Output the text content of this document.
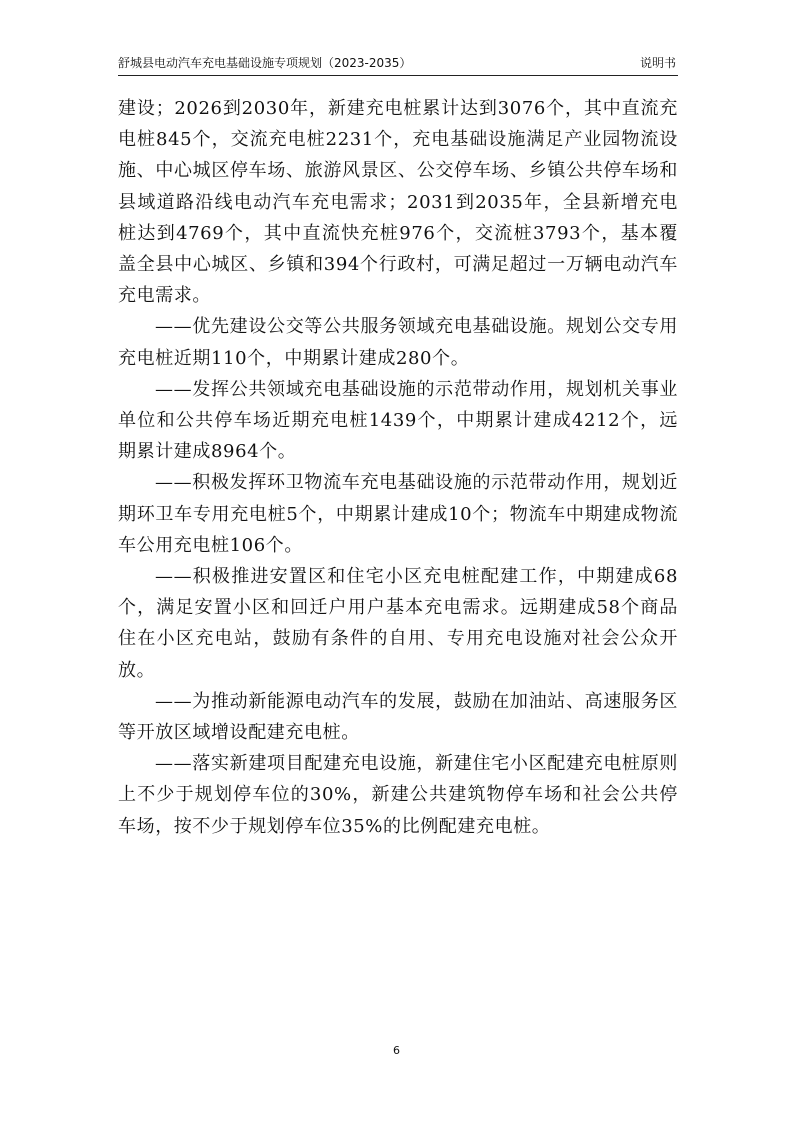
舒城县电动汽车充电基础设施专项规划（2023-2035）	说明书

建设；2026到2030年，新建充电桩累计达到3076个，其中直流充电桩845个，交流充电桩2231个，充电基础设施满足产业园物流设施、中心城区停车场、旅游风景区、公交停车场、乡镇公共停车场和县域道路沿线电动汽车充电需求；2031到2035年，全县新增充电桩达到4769个，其中直流快充桩976个，交流桩3793个，基本覆盖全县中心城区、乡镇和394个行政村，可满足超过一万辆电动汽车充电需求。

——优先建设公交等公共服务领域充电基础设施。规划公交专用充电桩近期110个，中期累计建成280个。

——发挥公共领域充电基础设施的示范带动作用，规划机关事业单位和公共停车场近期充电桩1439个，中期累计建成4212个，远期累计建成8964个。

——积极发挥环卫物流车充电基础设施的示范带动作用，规划近期环卫车专用充电桩5个，中期累计建成10个；物流车中期建成物流车公用充电桩106个。

——积极推进安置区和住宅小区充电桩配建工作，中期建成68个，满足安置小区和回迁户用户基本充电需求。远期建成58个商品住在小区充电站，鼓励有条件的自用、专用充电设施对社会公众开放。

——为推动新能源电动汽车的发展，鼓励在加油站、高速服务区等开放区域增设配建充电桩。

——落实新建项目配建充电设施，新建住宅小区配建充电桩原则上不少于规划停车位的30%，新建公共建筑物停车场和社会公共停车场，按不少于规划停车位35%的比例配建充电桩。

6
